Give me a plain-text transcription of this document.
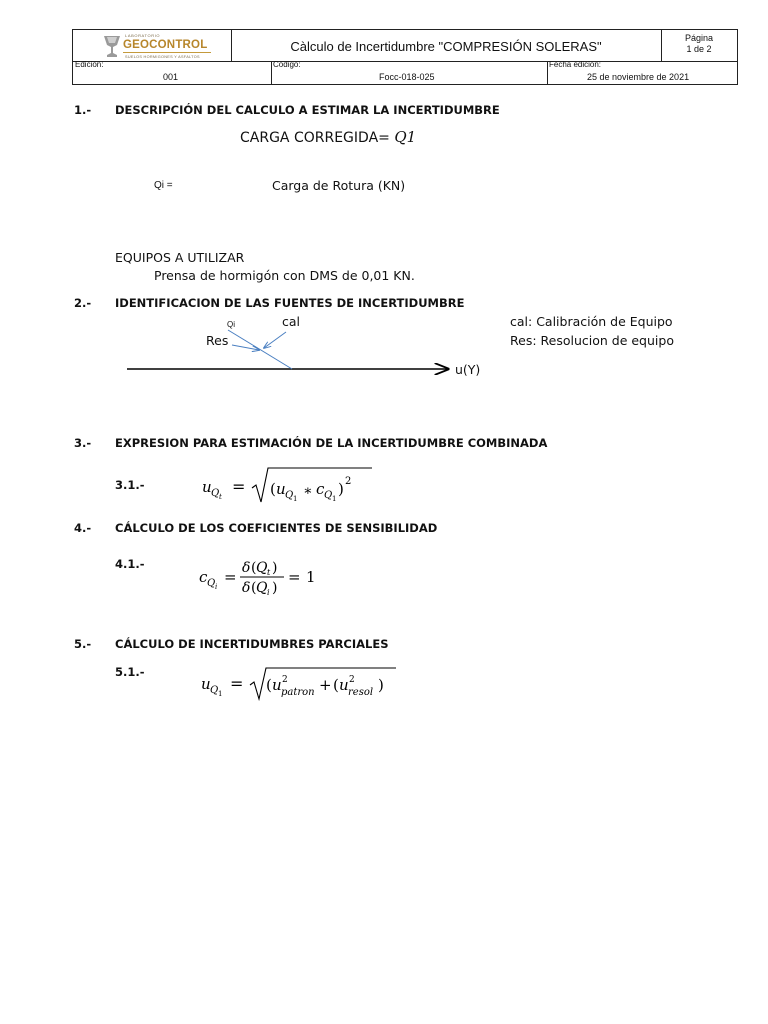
LABORATORIO
GEOCONTROL
SUELOS HORMIGONES Y ASFALTOS
Càlculo de Incertidumbre "COMPRESIÓN SOLERAS"
Página
1 de 2
Edicion:
001
Codigo:
Focc-018-025
Fecha edicion:
25 de noviembre de 2021
1.- DESCRIPCIÓN DEL CALCULO A ESTIMAR LA INCERTIDUMBRE
CARGA CORREGIDA= Q1
Qi =	Carga de Rotura (KN)
EQUIPOS A UTILIZAR
Prensa de hormigón con DMS de 0,01 KN.
2.- IDENTIFICACION DE LAS FUENTES DE INCERTIDUMBRE
Qi	cal
Res
u(Y)
cal: Calibración de Equipo
Res: Resolucion de equipo
3.- EXPRESION PARA ESTIMACIÓN DE LA INCERTIDUMBRE COMBINADA
3.1.-	u Q t
= ( u Q 1 ∗ c Q 1
) 2
4.- CÁLCULO DE LOS COEFICIENTES DE SENSIBILIDAD
4.1.-
c Q i
= δ ( Q t )
δ ( Q i )
= 1
5.- CÁLCULO DE INCERTIDUMBRES PARCIALES
5.1.-
u Q 1
= ( u 2
patron + ( u 2
resol )
